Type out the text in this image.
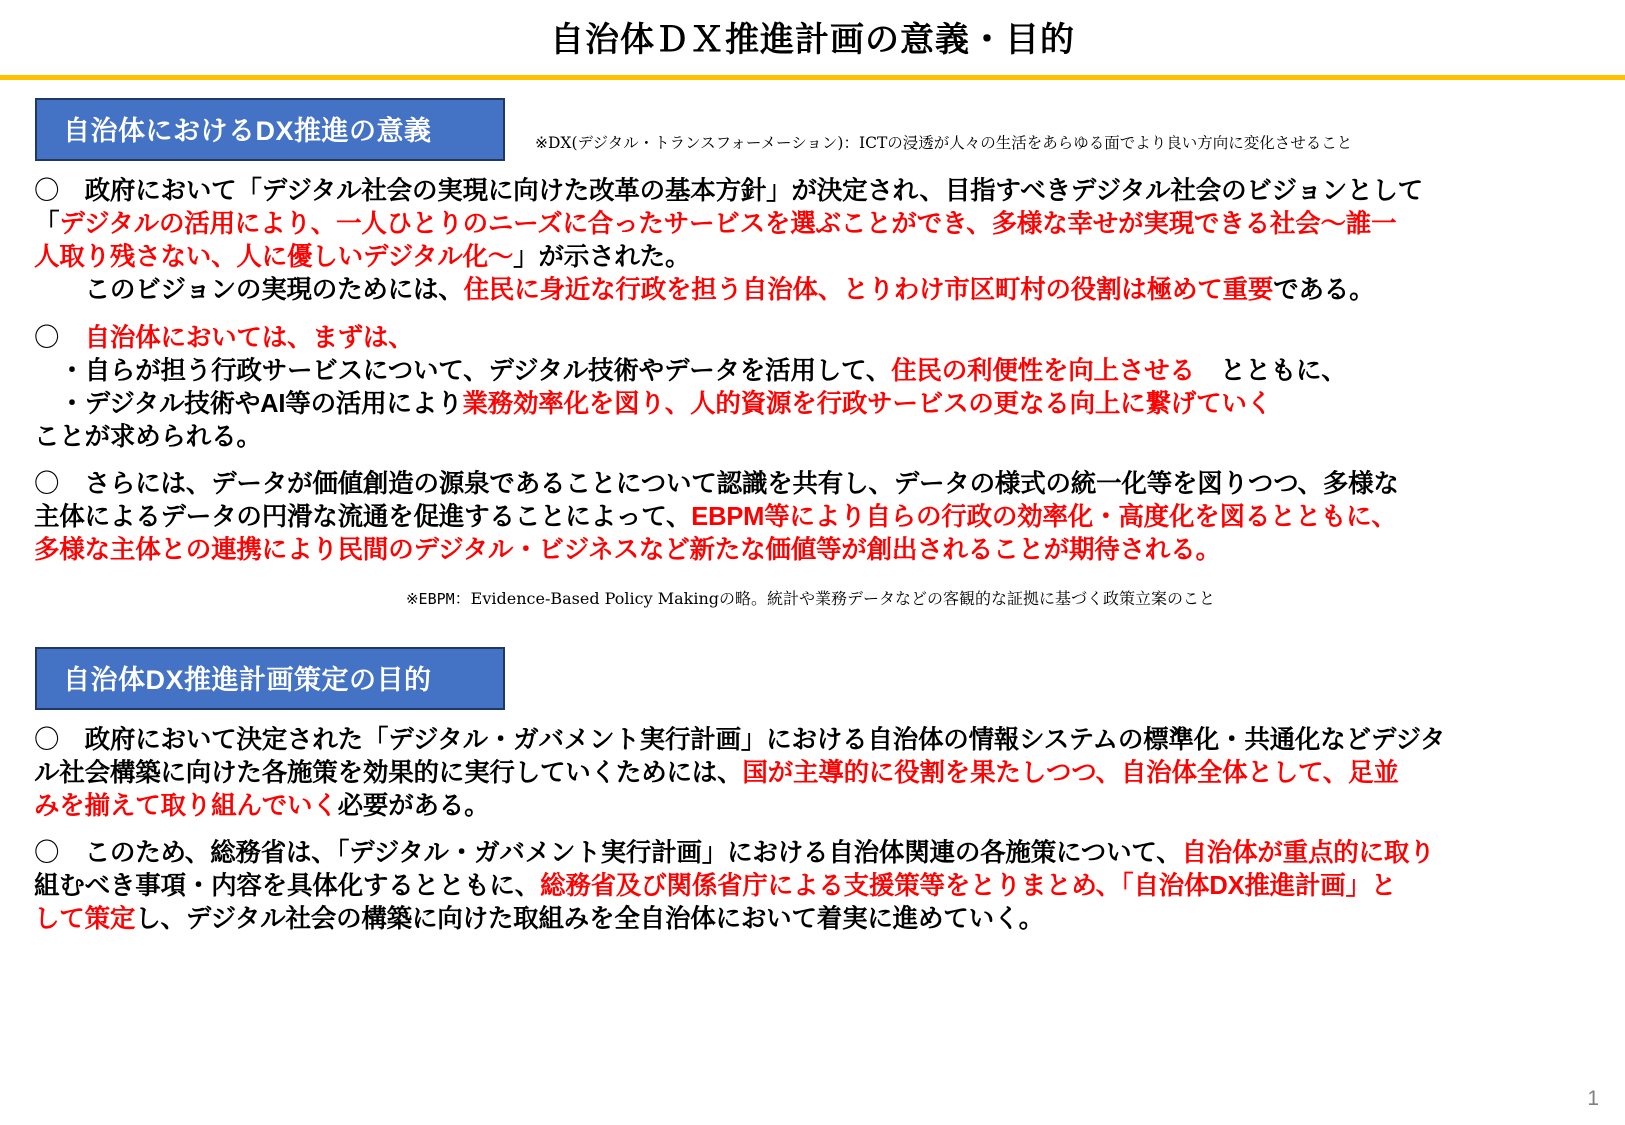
自治体ＤＸ推進計画の意義・目的
自治体におけるDX推進の意義	※DX(デジタル・トランスフォーメーション)：ICTの浸透が人々の生活をあらゆる面でより良い方向に変化させること
〇　政府において「デジタル社会の実現に向けた改革の基本方針」が決定され、目指すべきデジタル社会のビジョンとして
「デジタルの活用により、一人ひとりのニーズに合ったサービスを選ぶことができ、多様な幸せが実現できる社会～誰一
人取り残さない、人に優しいデジタル化～」が示された。
　　このビジョンの実現のためには、住民に身近な行政を担う自治体、とりわけ市区町村の役割は極めて重要である。
〇　 自治体においては、まずは、
　・自らが担う行政サービスについて、デジタル技術やデータを活用して、住民の利便性を向上させる　とともに、
　・デジタル技術やAI等の活用により業務効率化を図り、人的資源を行政サービスの更なる向上に繋げていく
ことが求められる。
〇　さらには、データが価値創造の源泉であることについて認識を共有し、データの様式の統一化等を図りつつ、多様な
主体によるデータの円滑な流通を促進することによって、EBPM等により自らの行政の効率化・高度化を図るとともに、
多様な主体との連携により民間のデジタル・ビジネスなど新たな価値等が創出されることが期待される。
※EBPM：Evidence-Based Policy Makingの略。統計や業務データなどの客観的な証拠に基づく政策立案のこと
自治体DX推進計画策定の目的
〇　政府において決定された「デジタル・ガバメント実行計画」における自治体の情報システムの標準化・共通化などデジタ
ル社会構築に向けた各施策を効果的に実行していくためには、国が主導的に役割を果たしつつ、自治体全体として、足並
みを揃えて取り組んでいく必要がある。
〇　このため、総務省は、「デジタル・ガバメント実行計画」における自治体関連の各施策について、自治体が重点的に取り
組むべき事項・内容を具体化するとともに、総務省及び関係省庁による支援策等をとりまとめ、「自治体DX推進計画」と
して策定し、デジタル社会の構築に向けた取組みを全自治体において着実に進めていく。
1
